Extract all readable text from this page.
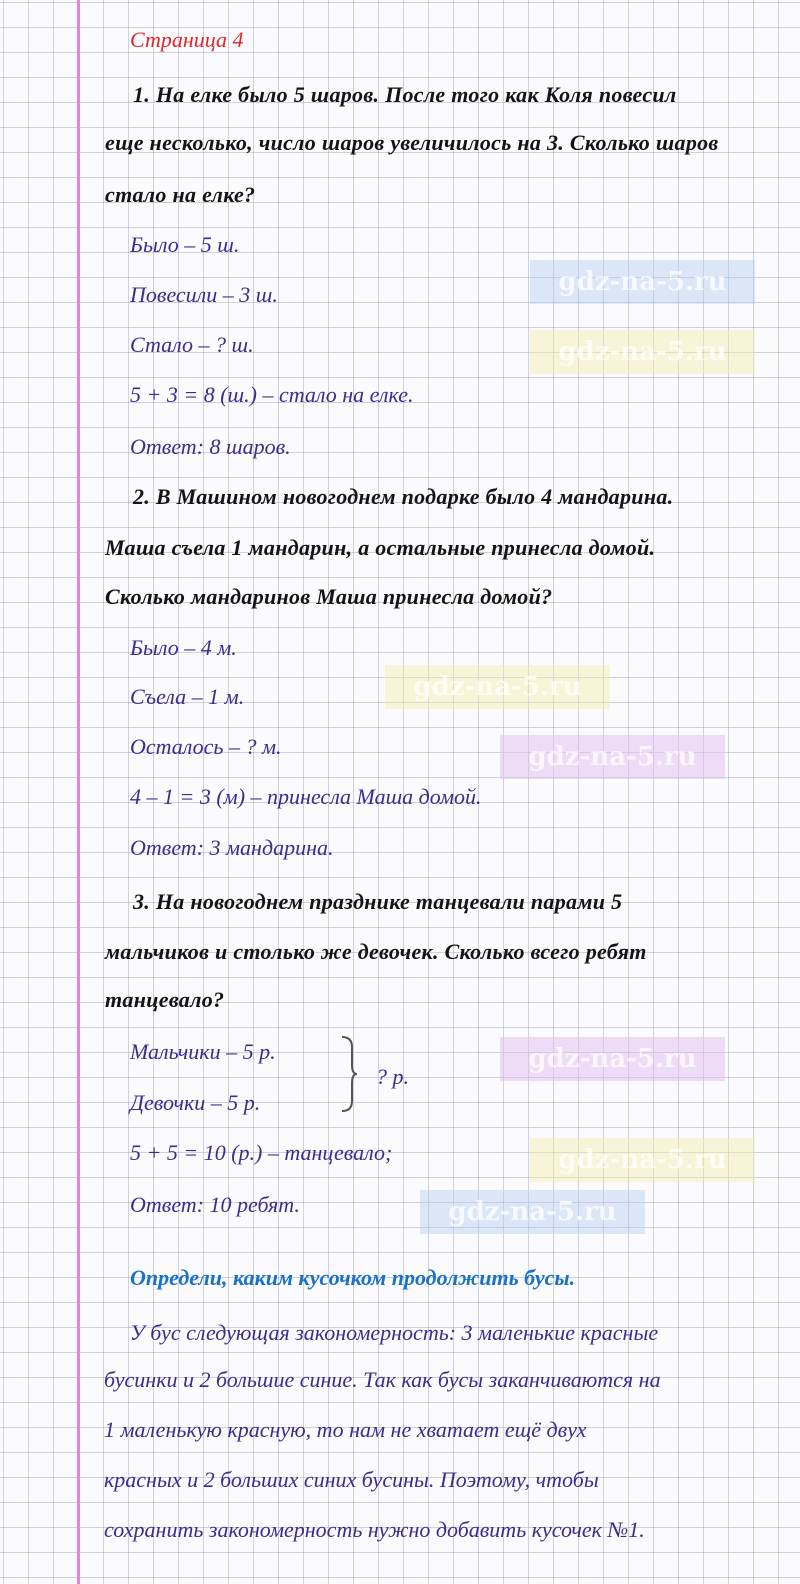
gdz-na-5.ru
gdz-na-5.ru
gdz-na-5.ru
gdz-na-5.ru
gdz-na-5.ru
gdz-na-5.ru
gdz-na-5.ru
Страница 4
1. На елке было 5 шаров. После того как Коля повесил
еще несколько, число шаров увеличилось на 3. Сколько шаров
стало на елке?
Было – 5 ш.
Повесили – 3 ш.
Стало – ? ш.
5 + 3 = 8 (ш.) – стало на елке.
Ответ: 8 шаров.
2. В Машином новогоднем подарке было 4 мандарина.
Маша съела 1 мандарин, а остальные принесла домой.
Сколько мандаринов Маша принесла домой?
Было – 4 м.
Съела – 1 м.
Осталось – ? м.
4 – 1 = 3 (м) – принесла Маша домой.
Ответ: 3 мандарина.
3. На новогоднем празднике танцевали парами 5
мальчиков и столько же девочек. Сколько всего ребят
танцевало?
Мальчики – 5 р.
Девочки – 5 р.
? р.
5 + 5 = 10 (р.) – танцевало;
Ответ: 10 ребят.
Определи, каким кусочком продолжить бусы.
У бус следующая закономерность: 3 маленькие красные
бусинки и 2 большие синие. Так как бусы заканчиваются на
1 маленькую красную, то нам не хватает ещё двух
красных и 2 больших синих бусины. Поэтому, чтобы
сохранить закономерность нужно добавить кусочек №1.
